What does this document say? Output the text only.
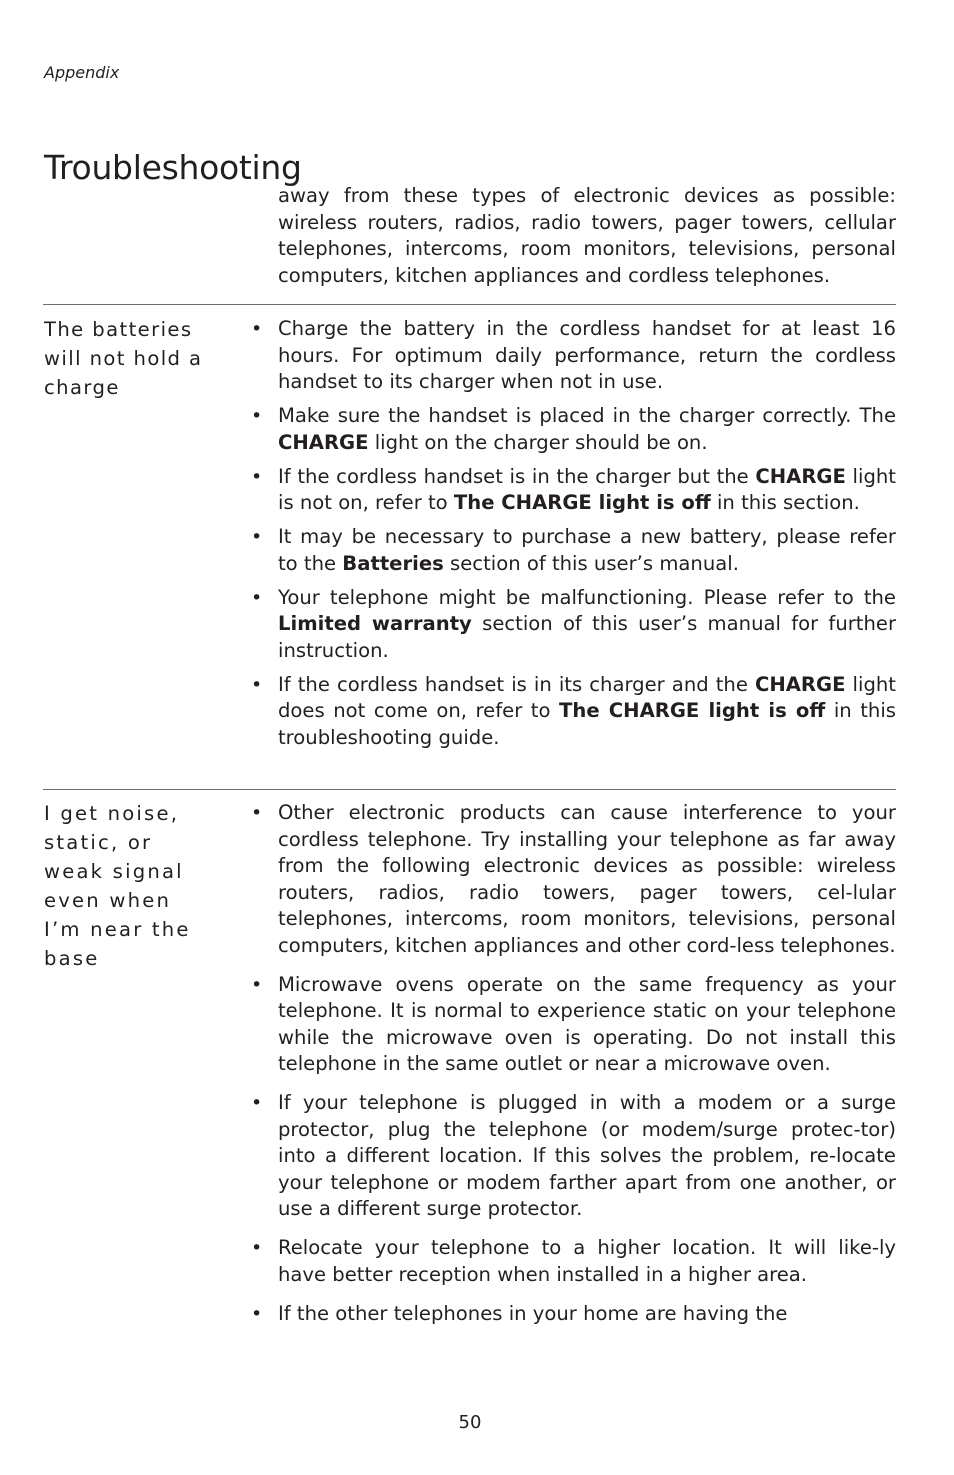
Appendix
Troubleshooting

away from these types of electronic devices as possible: wireless routers, radios, radio towers, pager towers, cellular telephones, intercoms, room monitors, televisions, personal computers, kitchen appliances and cordless telephones.

The batteries will not hold a charge

• Charge the battery in the cordless handset for at least 16 hours. For optimum daily performance, return the cordless handset to its charger when not in use.
• Make sure the handset is placed in the charger correctly. The CHARGE light on the charger should be on.
• If the cordless handset is in the charger but the CHARGE light is not on, refer to The CHARGE light is off in this section.
• It may be necessary to purchase a new battery, please refer to the Batteries section of this user’s manual.
• Your telephone might be malfunctioning. Please refer to the Limited warranty section of this user’s manual for further instruction.
• If the cordless handset is in its charger and the CHARGE light does not come on, refer to The CHARGE light is off in this troubleshooting guide.

I get noise, static, or weak signal even when I’m near the base

• Other electronic products can cause interference to your cordless telephone. Try installing your telephone as far away from the following electronic devices as possible: wireless routers, radios, radio towers, pager towers, cel-lular telephones, intercoms, room monitors, televisions, personal computers, kitchen appliances and other cord-less telephones.
• Microwave ovens operate on the same frequency as your telephone. It is normal to experience static on your telephone while the microwave oven is operating. Do not install this telephone in the same outlet or near a microwave oven.
• If your telephone is plugged in with a modem or a surge protector, plug the telephone (or modem/surge protec-tor) into a different location. If this solves the problem, re-locate your telephone or modem farther apart from one another, or use a different surge protector.
• Relocate your telephone to a higher location. It will like-ly have better reception when installed in a higher area.
• If the other telephones in your home are having the
50
